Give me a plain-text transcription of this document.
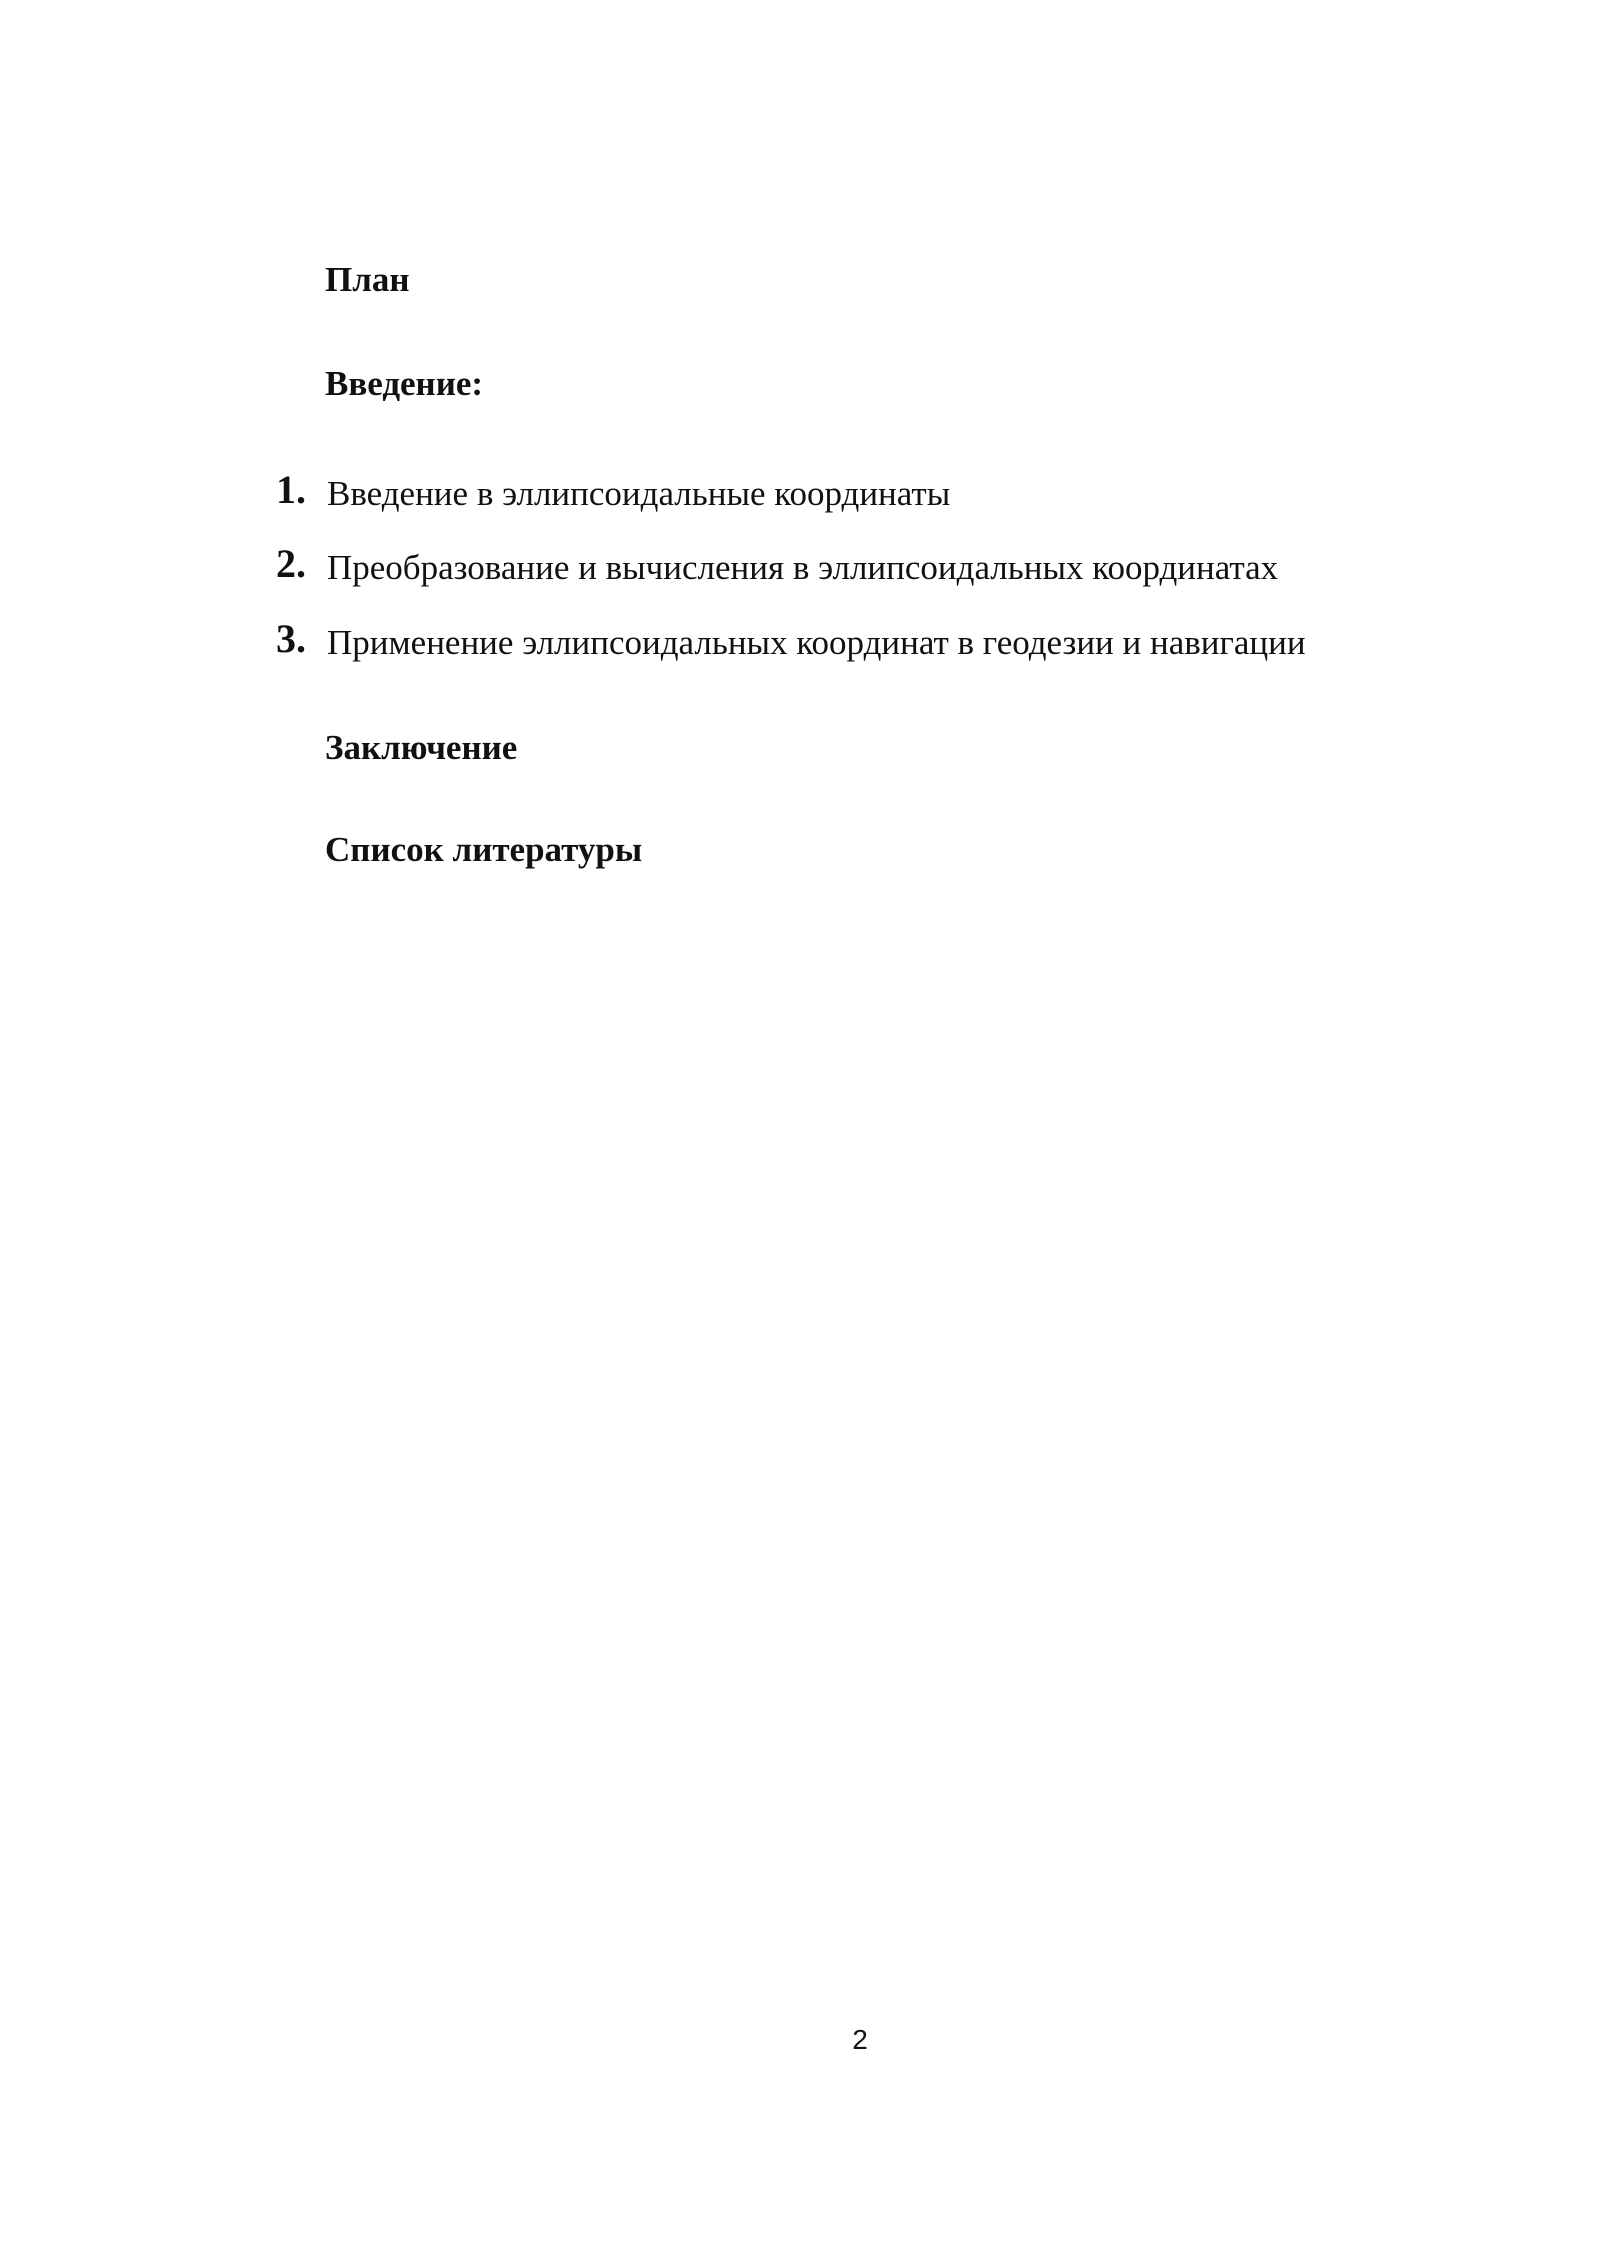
План
Введение:
1. Введение в эллипсоидальные координаты
2. Преобразование и вычисления в эллипсоидальных координатах
3. Применение эллипсоидальных координат в геодезии и навигации
Заключение
Список литературы
2
